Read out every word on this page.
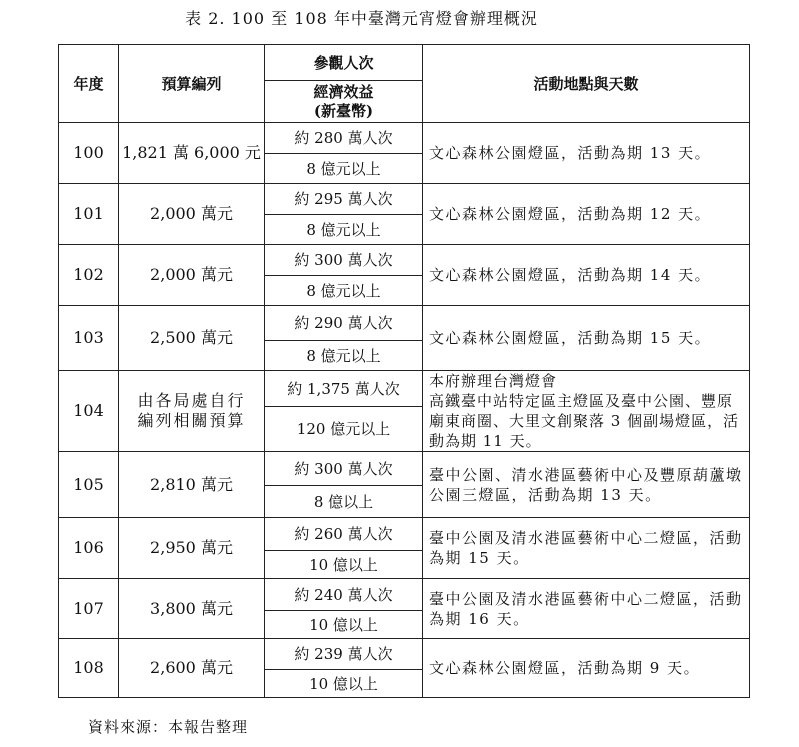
表 2. 100 至 108 年中臺灣元宵燈會辦理概況
年度	預算編列	參觀人次	活動地點與天數
		經濟效益
(新臺幣)	
100	1,821 萬 6,000 元	約 280 萬人次	文心森林公園燈區，活動為期 13 天。
		8 億元以上	
101	2,000 萬元	約 295 萬人次	文心森林公園燈區，活動為期 12 天。
		8 億元以上	
102	2,000 萬元	約 300 萬人次	文心森林公園燈區，活動為期 14 天。
		8 億元以上	
103	2,500 萬元	約 290 萬人次	文心森林公園燈區，活動為期 15 天。
		8 億元以上	
104	由各局處自行編列相關預算	約 1,375 萬人次	本府辦理台灣燈會
高鐵臺中站特定區主燈區及臺中公園、豐原廟東商圈、大里文創聚落 3 個副場燈區，活動為期 11 天。
		120 億元以上	
105	2,810 萬元	約 300 萬人次	臺中公園、清水港區藝術中心及豐原葫蘆墩公園三燈區，活動為期 13 天。
		8 億以上	
106	2,950 萬元	約 260 萬人次	臺中公園及清水港區藝術中心二燈區，活動為期 15 天。
		10 億以上	
107	3,800 萬元	約 240 萬人次	臺中公園及清水港區藝術中心二燈區，活動為期 16 天。
		10 億以上	
108	2,600 萬元	約 239 萬人次	文心森林公園燈區，活動為期 9 天。
		10 億以上	
資料來源：本報告整理
